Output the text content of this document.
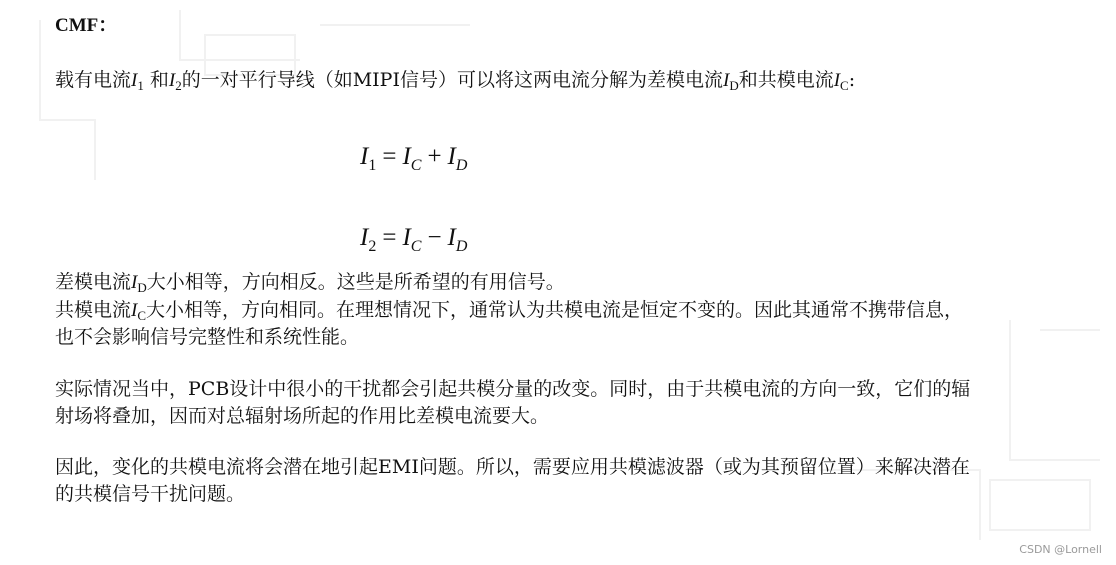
CMF：
载有电流$I_1$ 和$I_2$的一对平行导线（如MIPI信号）可以将这两电流分解为差模电流$I_D$和共模电流$I_C$:
$I_1 = I_C + I_D$
$I_2 = I_C - I_D$
差模电流$I_D$大小相等，方向相反。这些是所希望的有用信号。
共模电流$I_C$大小相等，方向相同。在理想情况下，通常认为共模电流是恒定不变的。因此其通常不携带信息，
也不会影响信号完整性和系统性能。
实际情况当中，PCB设计中很小的干扰都会引起共模分量的改变。同时，由于共模电流的方向一致，它们的辐
射场将叠加，因而对总辐射场所起的作用比差模电流要大。
因此，变化的共模电流将会潜在地引起EMI问题。所以，需要应用共模滤波器（或为其预留位置）来解决潜在
的共模信号干扰问题。
CSDN @Lornell
